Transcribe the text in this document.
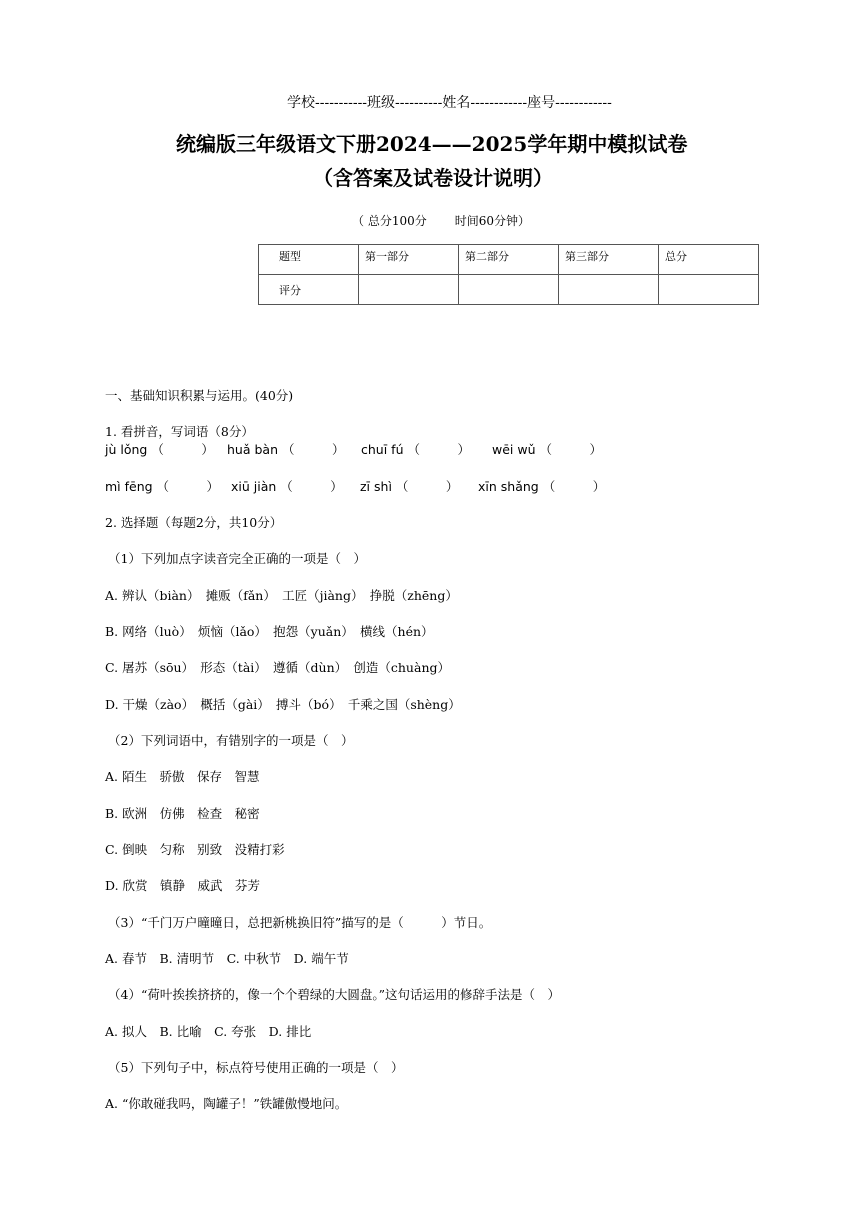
学校-----------班级----------姓名------------座号------------
统编版三年级语文下册2024——2025学年期中模拟试卷
（含答案及试卷设计说明）
（ 总分100分 时间60分钟）
题型	第一部分	第二部分	第三部分	总分
评分				
一、基础知识积累与运用。(40分)
1. 看拼音，写词语（8分）
jù lǒng （　　　） huǎ bàn （　　　） chuī fú （　　　） wēi wǔ （　　　）
mì fēng （　　　） xiū jiàn （　　　） zī shì （　　　） xīn shǎng （　　　）
2. 选择题（每题2分，共10分）
（1）下列加点字读音完全正确的一项是（　）
A. 辨认（biàn）　摊贩（fǎn）　工匠（jiàng）　挣脱（zhēng）
B. 网络（luò）　烦恼（lǎo）　抱怨（yuǎn）　横线（hén）
C. 屠苏（sōu）　形态（tài）　遵循（dùn）　创造（chuàng）
D. 干燥（zào）　概括（gài）　搏斗（bó）　千乘之国（shèng）
（2）下列词语中，有错别字的一项是（　）
A. 陌生　骄傲　保存　智慧
B. 欧洲　仿佛　检查　秘密
C. 倒映　匀称　别致　没精打彩
D. 欣赏　镇静　威武　芬芳
（3）“千门万户曈曈日，总把新桃换旧符”描写的是（　　　）节日。
A. 春节　B. 清明节　C. 中秋节　D. 端午节
（4）“荷叶挨挨挤挤的，像一个个碧绿的大圆盘。”这句话运用的修辞手法是（　）
A. 拟人　B. 比喻　C. 夸张　D. 排比
（5）下列句子中，标点符号使用正确的一项是（　）
A. “你敢碰我吗，陶罐子！”铁罐傲慢地问。
